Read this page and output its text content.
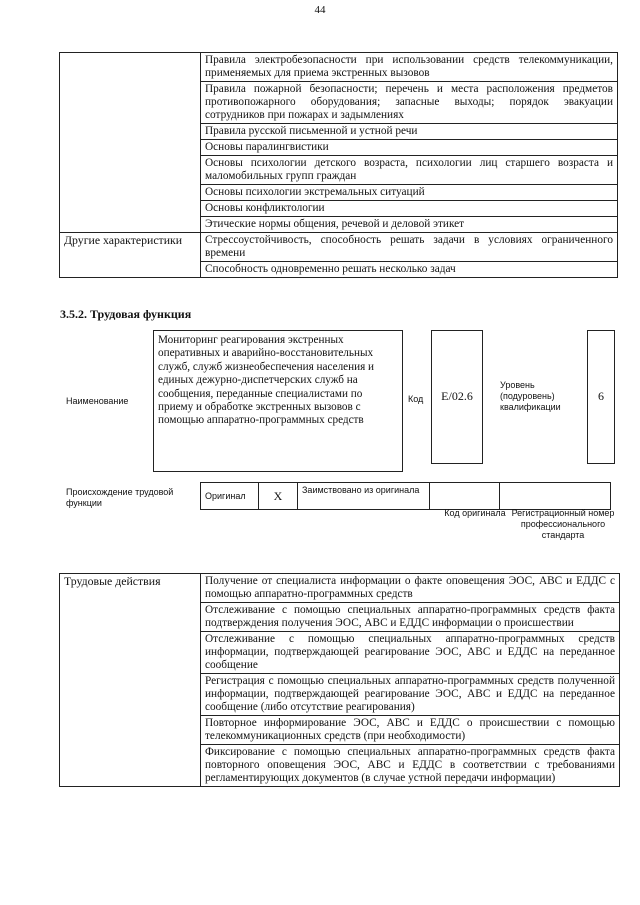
44
	Правила электробезопасности при использовании средств телекоммуникации, применяемых для приема экстренных вызовов
	Правила пожарной безопасности; перечень и места расположения предметов противопожарного оборудования; запасные выходы; порядок эвакуации сотрудников при пожарах и задымлениях
	Правила русской письменной и устной речи
	Основы паралингвистики
	Основы психологии детского возраста, психологии лиц старшего возраста и маломобильных групп граждан
	Основы психологии экстремальных ситуаций
	Основы конфликтологии
	Этические нормы общения, речевой и деловой этикет
Другие характеристики	Стрессоустойчивость, способность решать задачи в условиях ограниченного времени
	Способность одновременно решать несколько задач
3.5.2. Трудовая функция
Наименование
Мониторинг реагирования экстренных оперативных и аварийно-восстановительных служб, служб жизнеобеспечения населения и единых дежурно-диспетчерских служб на сообщения, переданные специалистами по приему и обработке экстренных вызовов с помощью аппаратно-программных средств
Код	E/02.6
Уровень (подуровень) квалификации
6
Происхождение трудовой функции
Оригинал	X	Заимствовано из оригинала		
Код оригинала Регистрационный номер профессионального стандарта
Трудовые действия	Получение от специалиста информации о факте оповещения ЭОС, АВС и ЕДДС с помощью аппаратно-программных средств
Отслеживание с помощью специальных аппаратно-программных средств факта подтверждения получения ЭОС, АВС и ЕДДС информации о происшествии
Отслеживание с помощью специальных аппаратно-программных средств информации, подтверждающей реагирование ЭОС, АВС и ЕДДС на переданное сообщение
Регистрация с помощью специальных аппаратно-программных средств полученной информации, подтверждающей реагирование ЭОС, АВС и ЕДДС на переданное сообщение (либо отсутствие реагирования)
Повторное информирование ЭОС, АВС и ЕДДС о происшествии с помощью телекоммуникационных средств (при необходимости)
Фиксирование с помощью специальных аппаратно-программных средств факта повторного оповещения ЭОС, АВС и ЕДДС в соответствии с требованиями регламентирующих документов (в случае устной передачи информации)
